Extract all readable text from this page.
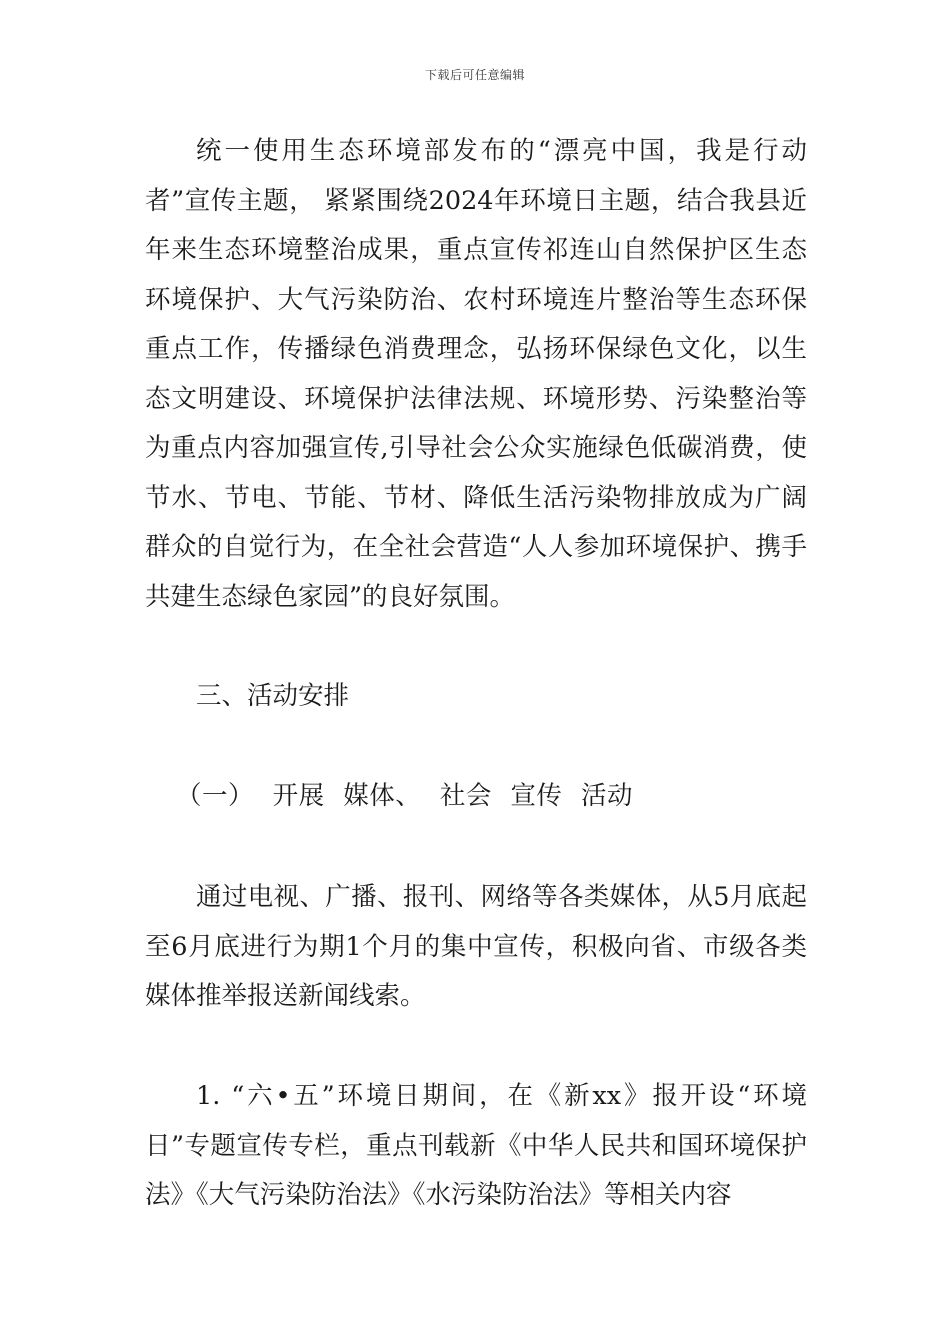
下载后可任意编辑

统一使用生态环境部发布的“漂亮中国，我是行动者”宣传主题， 紧紧围绕2024年环境日主题，结合我县近年来生态环境整治成果，重点宣传祁连山自然保护区生态环境保护、大气污染防治、农村环境连片整治等生态环保重点工作，传播绿色消费理念，弘扬环保绿色文化，以生态文明建设、环境保护法律法规、环境形势、污染整治等为重点内容加强宣传,引导社会公众实施绿色低碳消费，使节水、节电、节能、节材、降低生活污染物排放成为广阔群众的自觉行为，在全社会营造“人人参加环境保护、携手共建生态绿色家园”的良好氛围。

三、活动安排
（一） 开展 媒体、 社会 宣传 活动

通过电视、广播、报刊、网络等各类媒体，从5月底起至6月底进行为期1个月的集中宣传，积极向省、市级各类媒体推举报送新闻线索。

1. “六•五”环境日期间，在《新xx》报开设“环境日”专题宣传专栏，重点刊载新《中华人民共和国环境保护法》《大气污染防治法》《水污染防治法》等相关内容
